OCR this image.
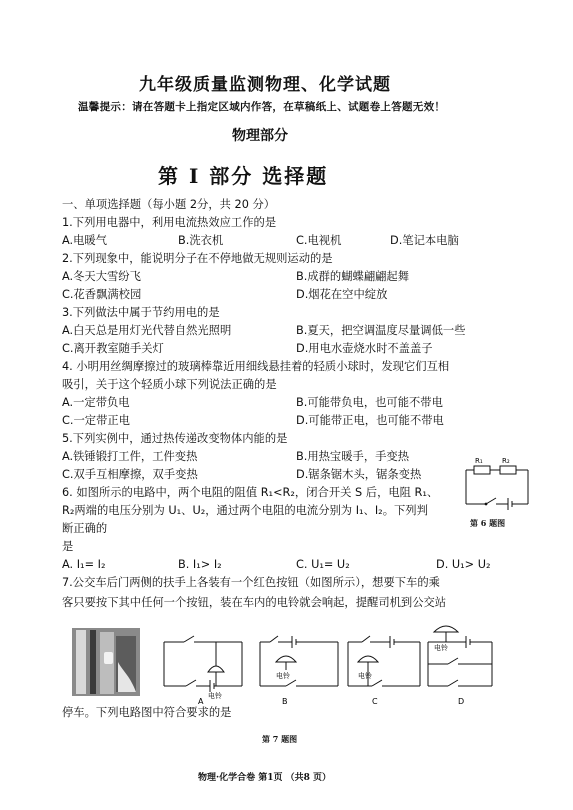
九年级质量监测物理、化学试题
温馨提示：请在答题卡上指定区域内作答，在草稿纸上、试题卷上答题无效！
物理部分
第 I 部分 选择题
一、单项选择题（每小题 2分，共 20 分）
1.下列用电器中，利用电流热效应工作的是
A.电暖气	B.洗衣机	C.电视机	D.笔记本电脑
2.下列现象中，能说明分子在不停地做无规则运动的是
A.冬天大雪纷飞	B.成群的蝴蝶翩翩起舞
C.花香飘满校园	D.烟花在空中绽放
3.下列做法中属于节约用电的是
A.白天总是用灯光代替自然光照明	B.夏天，把空调温度尽量调低一些
C.离开教室随手关灯	D.用电水壶烧水时不盖盖子
4. 小明用丝绸摩擦过的玻璃棒靠近用细线悬挂着的轻质小球时，发现它们互相
吸引，关于这个轻质小球下列说法正确的是
A.一定带负电	B.可能带负电，也可能不带电
C.一定带正电	D.可能带正电，也可能不带电
5.下列实例中，通过热传递改变物体内能的是
A.铁锤锻打工件，工件变热	B.用热宝暖手，手变热
C.双手互相摩擦，双手变热	D.锯条锯木头，锯条变热
R₁	R₂
第 6 题图
6. 如图所示的电路中，两个电阻的阻值 R₁<R₂，闭合开关 S 后，电阻 R₁、
R₂两端的电压分别为 U₁、U₂，通过两个电阻的电流分别为 I₁、I₂。下列判
断正确的
是
A. I₁= I₂	B. I₁> I₂	C. U₁= U₂	D. U₁> U₂
7.公交车后门两侧的扶手上各装有一个红色按钮（如图所示），想要下车的乘
客只要按下其中任何一个按钮，装在车内的电铃就会响起，提醒司机到公交站
电铃
电铃	电铃
电铃
A	B	C	D
停车。下列电路图中符合要求的是
第 7 题图
物理·化学合卷 第1页 （共8 页）
